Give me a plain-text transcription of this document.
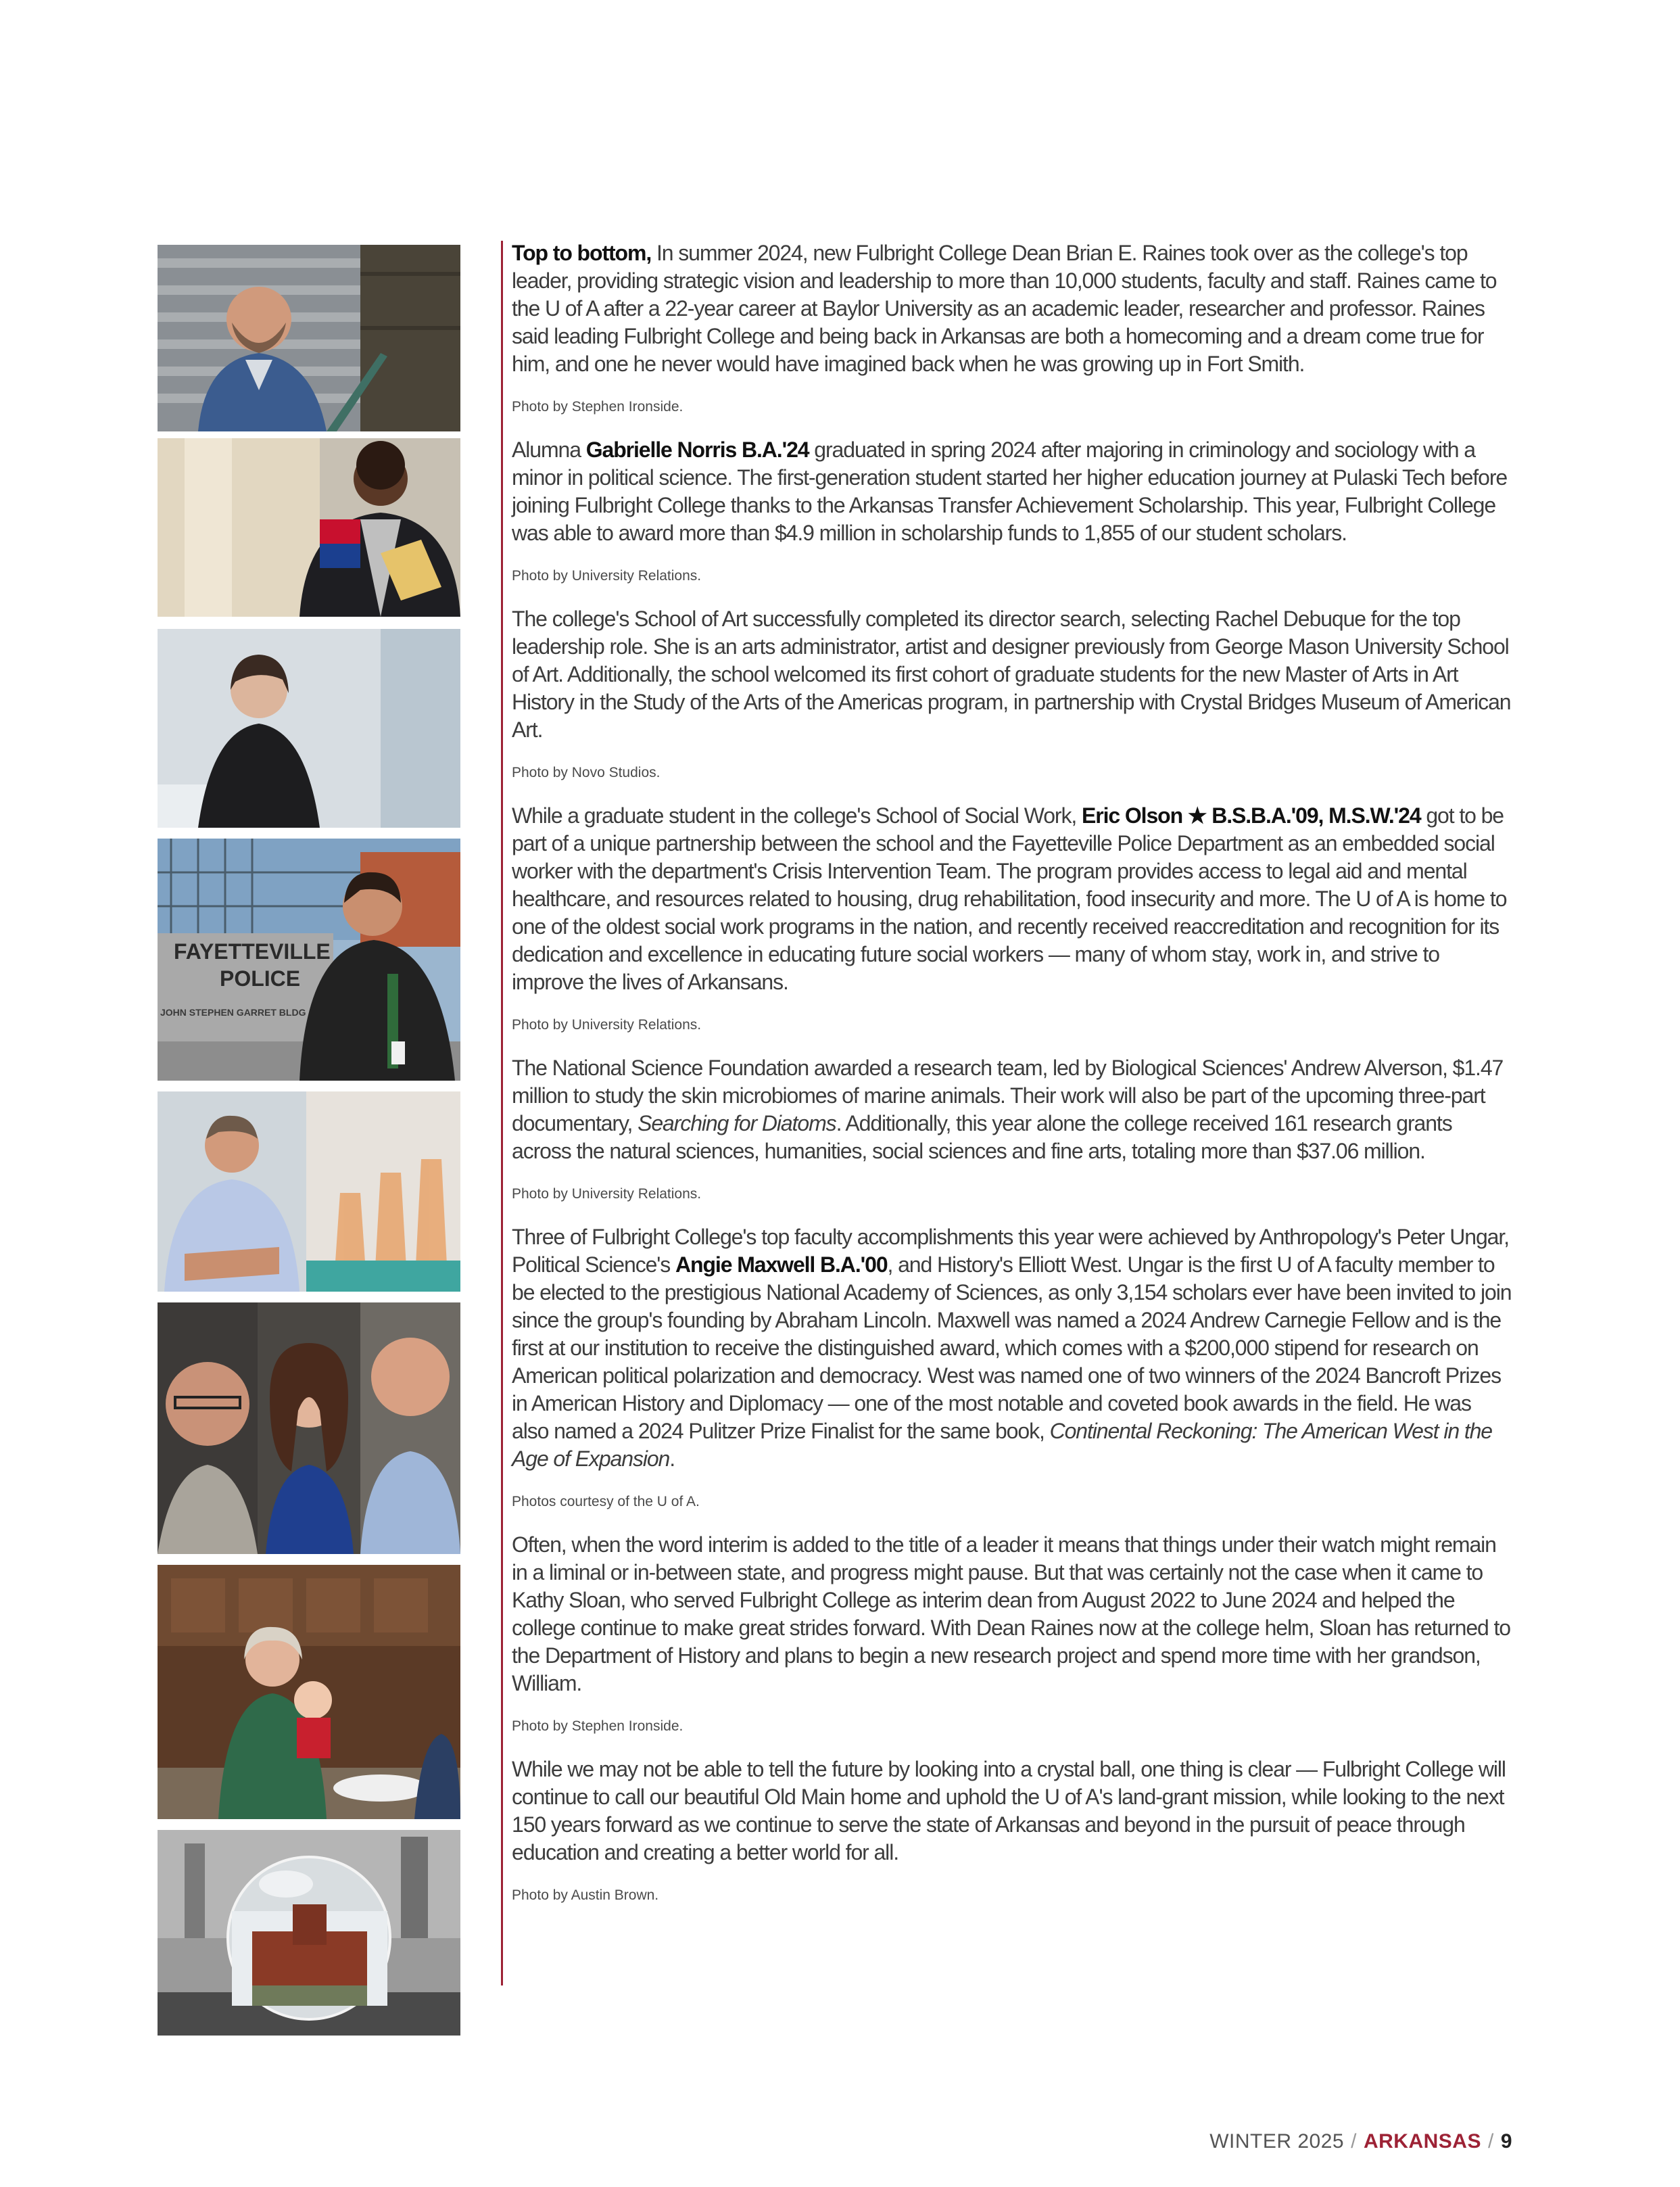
FAYETTEVILLE
POLICE
JOHN STEPHEN GARRET BLDG

Top to bottom, In summer 2024, new Fulbright College Dean Brian E. Raines took over as the college's top leader, providing strategic vision and leadership to more than 10,000 students, faculty and staff. Raines came to the U of A after a 22-year career at Baylor University as an academic leader, researcher and professor. Raines said leading Fulbright College and being back in Arkansas are both a homecoming and a dream come true for him, and one he never would have imagined back when he was growing up in Fort Smith.

Photo by Stephen Ironside.

Alumna Gabrielle Norris B.A.'24 graduated in spring 2024 after majoring in criminology and sociology with a minor in political science. The first-generation student started her higher education journey at Pulaski Tech before joining Fulbright College thanks to the Arkansas Transfer Achievement Scholarship. This year, Fulbright College was able to award more than $4.9 million in scholarship funds to 1,855 of our student scholars.

Photo by University Relations.

The college's School of Art successfully completed its director search, selecting Rachel Debuque for the top leadership role. She is an arts administrator, artist and designer previously from George Mason University School of Art. Additionally, the school welcomed its first cohort of graduate students for the new Master of Arts in Art History in the Study of the Arts of the Americas program, in partnership with Crystal Bridges Museum of American Art.

Photo by Novo Studios.

While a graduate student in the college's School of Social Work, Eric Olson ★ B.S.B.A.'09, M.S.W.'24 got to be part of a unique partnership between the school and the Fayetteville Police Department as an embedded social worker with the department's Crisis Intervention Team. The program provides access to legal aid and mental healthcare, and resources related to housing, drug rehabilitation, food insecurity and more. The U of A is home to one of the oldest social work programs in the nation, and recently received reaccreditation and recognition for its dedication and excellence in educating future social workers — many of whom stay, work in, and strive to improve the lives of Arkansans.

Photo by University Relations.

The National Science Foundation awarded a research team, led by Biological Sciences' Andrew Alverson, $1.47 million to study the skin microbiomes of marine animals. Their work will also be part of the upcoming three-part documentary, Searching for Diatoms. Additionally, this year alone the college received 161 research grants across the natural sciences, humanities, social sciences and fine arts, totaling more than $37.06 million.

Photo by University Relations.

Three of Fulbright College's top faculty accomplishments this year were achieved by Anthropology's Peter Ungar, Political Science's Angie Maxwell B.A.'00, and History's Elliott West. Ungar is the first U of A faculty member to be elected to the prestigious National Academy of Sciences, as only 3,154 scholars ever have been invited to join since the group's founding by Abraham Lincoln. Maxwell was named a 2024 Andrew Carnegie Fellow and is the first at our institution to receive the distinguished award, which comes with a $200,000 stipend for research on American political polarization and democracy. West was named one of two winners of the 2024 Bancroft Prizes in American History and Diplomacy — one of the most notable and coveted book awards in the field. He was also named a 2024 Pulitzer Prize Finalist for the same book, Continental Reckoning: The American West in the Age of Expansion.

Photos courtesy of the U of A.

Often, when the word interim is added to the title of a leader it means that things under their watch might remain in a liminal or in-between state, and progress might pause. But that was certainly not the case when it came to Kathy Sloan, who served Fulbright College as interim dean from August 2022 to June 2024 and helped the college continue to make great strides forward. With Dean Raines now at the college helm, Sloan has returned to the Department of History and plans to begin a new research project and spend more time with her grandson, William.

Photo by Stephen Ironside.

While we may not be able to tell the future by looking into a crystal ball, one thing is clear — Fulbright College will continue to call our beautiful Old Main home and uphold the U of A's land-grant mission, while looking to the next 150 years forward as we continue to serve the state of Arkansas and beyond in the pursuit of peace through education and creating a better world for all.

Photo by Austin Brown.

WINTER 2025 / ARKANSAS / 9
